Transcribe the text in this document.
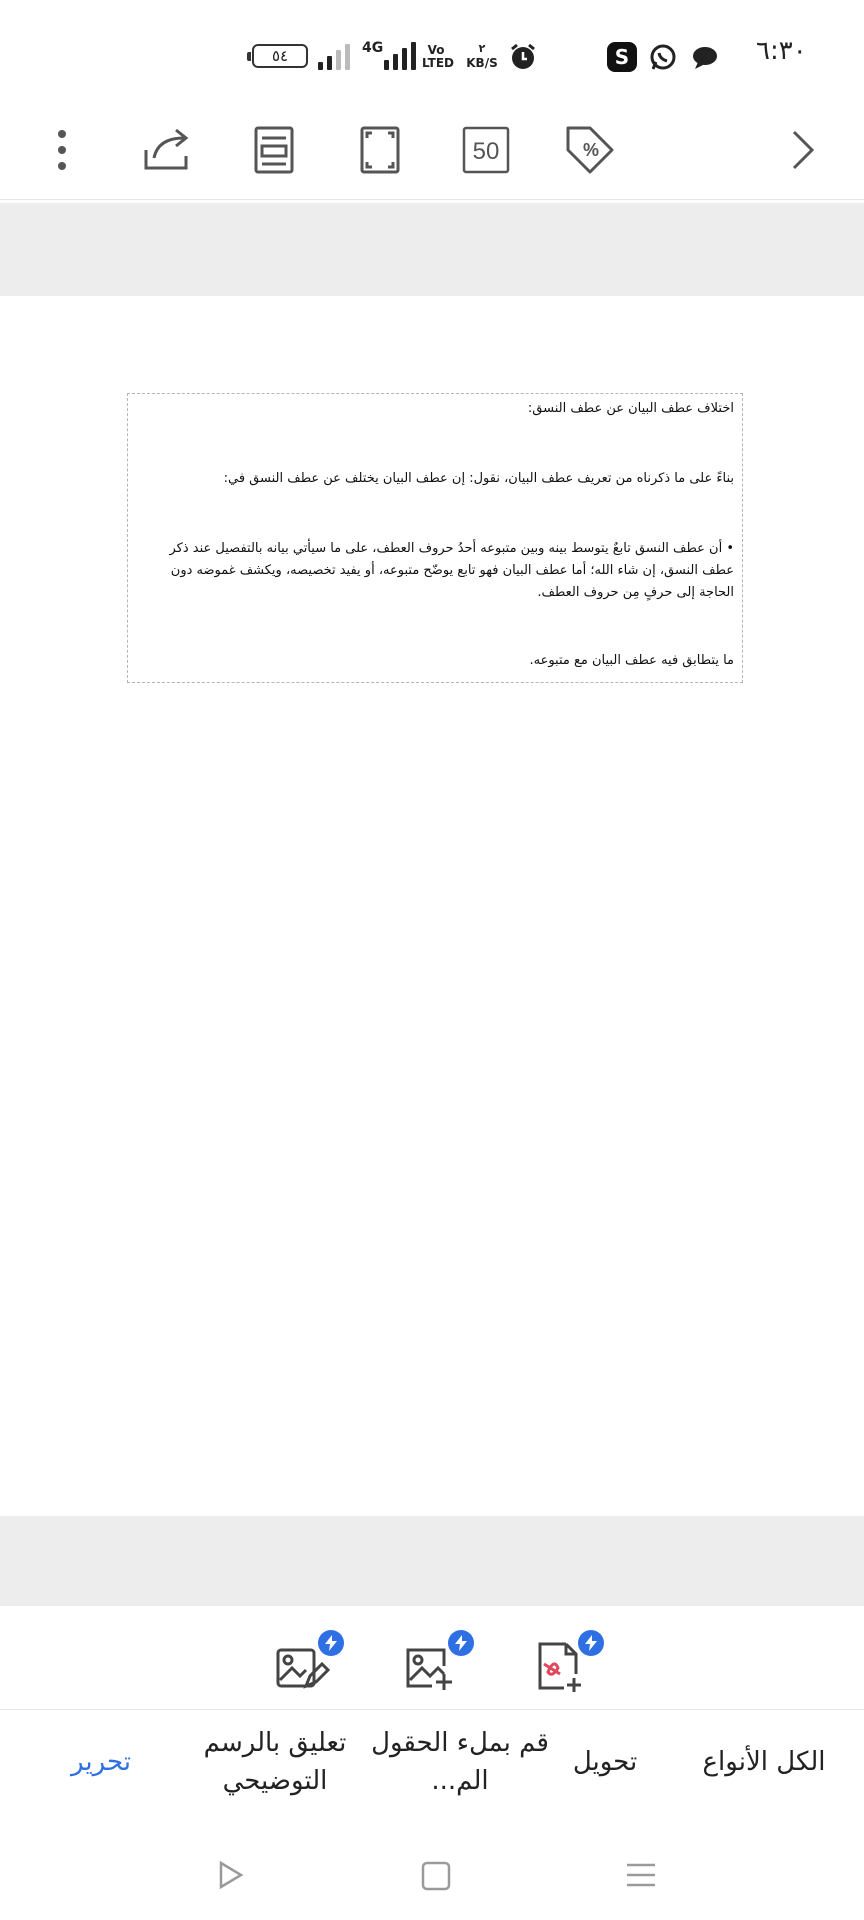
٥٤	4G	Vo LTED
٢
KB/S	S	٦:٣٠
50	%

اختلاف عطف البيان عن عطف النسق:

بناءً على ما ذكرناه من تعريف عطف البيان، نقول: إن عطف البيان يختلف عن عطف النسق في:

• أن عطف النسق تابعٌ يتوسط بينه وبين متبوعه أحدُ حروف العطف، على ما سيأتي بيانه بالتفصيل عند ذكر عطف النسق، إن شاء الله؛ أما عطف البيان فهو تابع يوضّح متبوعه، أو يفيد تخصيصه، ويكشف غموضه دون الحاجة إلى حرفٍ مِن حروف العطف.

ما يتطابق فيه عطف البيان مع متبوعه.

تحرير
تعليق بالرسم التوضيحي
قم بملء الحقول الم...
تحويل	الكل الأنواع
